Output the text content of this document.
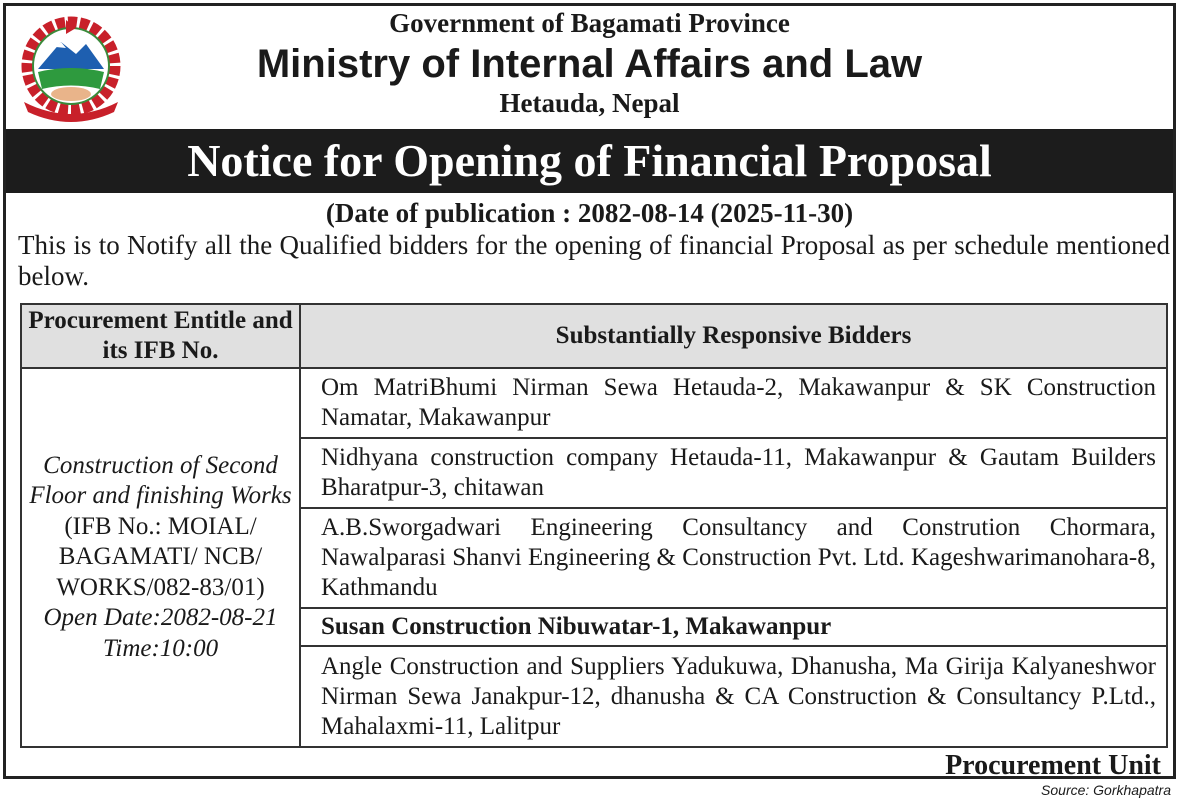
Government of Bagamati Province
Ministry of Internal Affairs and Law
Hetauda, Nepal
Notice for Opening of Financial Proposal
(Date of publication : 2082-08-14 (2025-11-30)
This is to Notify all the Qualified bidders for the opening of financial Proposal as per schedule mentioned below.
Procurement Entitle and its IFB No.	Substantially Responsive Bidders

Construction of Second Floor and finishing Works
(IFB No.: MOIAL/ BAGAMATI/ NCB/ WORKS/082-83/01)
Open Date:2082-08-21
Time:10:00	Om MatriBhumi Nirman Sewa Hetauda-2, Makawanpur & SK Construction Namatar, Makawanpur
	Nidhyana construction company Hetauda-11, Makawanpur & Gautam Builders Bharatpur-3, chitawan
	A.B.Sworgadwari Engineering Consultancy and Constrution Chormara, Nawalparasi Shanvi Engineering & Construction Pvt. Ltd. Kageshwarimanohara-8, Kathmandu
	Susan Construction Nibuwatar-1, Makawanpur
	Angle Construction and Suppliers Yadukuwa, Dhanusha, Ma Girija Kalyaneshwor Nirman Sewa Janakpur-12, dhanusha & CA Construction & Consultancy P.Ltd., Mahalaxmi-11, Lalitpur
Procurement Unit
Source: Gorkhapatra
